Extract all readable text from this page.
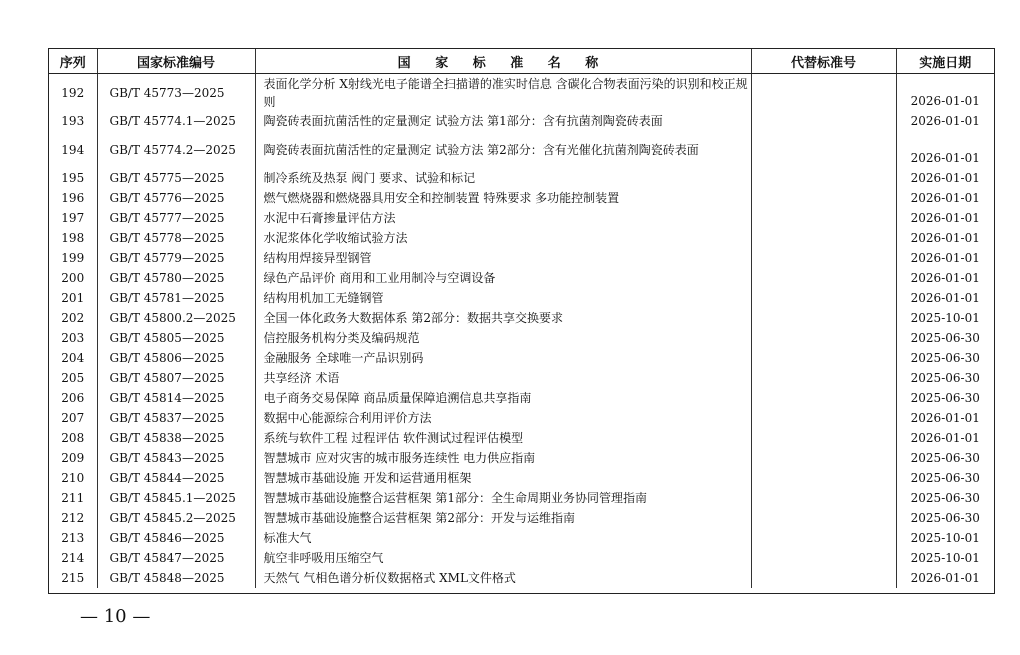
序列	国家标准编号	国 家 标 准 名 称	代替标准号	实施日期
192	GB/T 45773—2025	表面化学分析 X射线光电子能谱全扫描谱的准实时信息 含碳化合物表面污染的识别和校正规则		2026-01-01
193	GB/T 45774.1—2025	陶瓷砖表面抗菌活性的定量测定 试验方法 第1部分：含有抗菌剂陶瓷砖表面		2026-01-01
194	GB/T 45774.2—2025	陶瓷砖表面抗菌活性的定量测定 试验方法 第2部分：含有光催化抗菌剂陶瓷砖表面		2026-01-01
195	GB/T 45775—2025	制冷系统及热泵 阀门 要求、试验和标记		2026-01-01
196	GB/T 45776—2025	燃气燃烧器和燃烧器具用安全和控制装置 特殊要求 多功能控制装置		2026-01-01
197	GB/T 45777—2025	水泥中石膏掺量评估方法		2026-01-01
198	GB/T 45778—2025	水泥浆体化学收缩试验方法		2026-01-01
199	GB/T 45779—2025	结构用焊接异型钢管		2026-01-01
200	GB/T 45780—2025	绿色产品评价 商用和工业用制冷与空调设备		2026-01-01
201	GB/T 45781—2025	结构用机加工无缝钢管		2026-01-01
202	GB/T 45800.2—2025	全国一体化政务大数据体系 第2部分：数据共享交换要求		2025-10-01
203	GB/T 45805—2025	信控服务机构分类及编码规范		2025-06-30
204	GB/T 45806—2025	金融服务 全球唯一产品识别码		2025-06-30
205	GB/T 45807—2025	共享经济 术语		2025-06-30
206	GB/T 45814—2025	电子商务交易保障 商品质量保障追溯信息共享指南		2025-06-30
207	GB/T 45837—2025	数据中心能源综合利用评价方法		2026-01-01
208	GB/T 45838—2025	系统与软件工程 过程评估 软件测试过程评估模型		2026-01-01
209	GB/T 45843—2025	智慧城市 应对灾害的城市服务连续性 电力供应指南		2025-06-30
210	GB/T 45844—2025	智慧城市基础设施 开发和运营通用框架		2025-06-30
211	GB/T 45845.1—2025	智慧城市基础设施整合运营框架 第1部分：全生命周期业务协同管理指南		2025-06-30
212	GB/T 45845.2—2025	智慧城市基础设施整合运营框架 第2部分：开发与运维指南		2025-06-30
213	GB/T 45846—2025	标准大气		2025-10-01
214	GB/T 45847—2025	航空非呼吸用压缩空气		2025-10-01
215	GB/T 45848—2025	天然气 气相色谱分析仪数据格式 XML文件格式		2026-01-01
— 10 —
